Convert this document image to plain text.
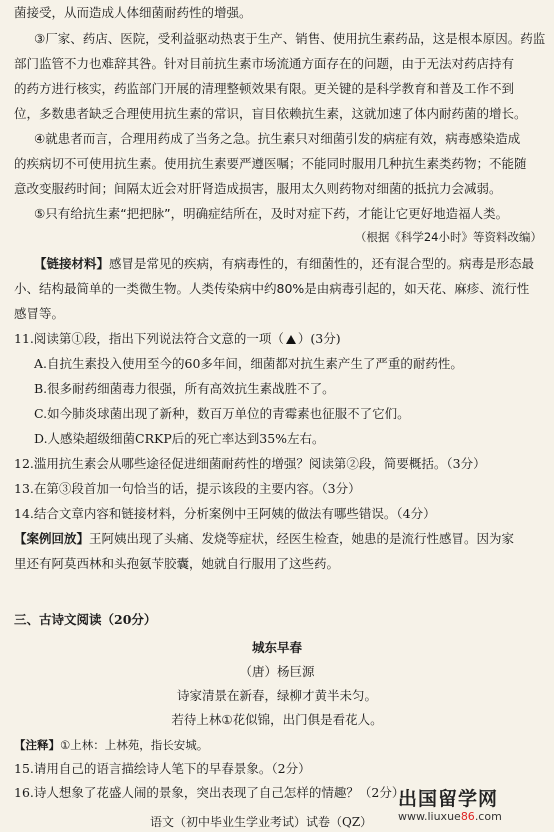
菌接受，从而造成人体细菌耐药性的增强。
③厂家、药店、医院，受利益驱动热衷于生产、销售、使用抗生素药品，这是根本原因。药监
部门监管不力也难辞其咎。针对目前抗生素市场流通方面存在的问题，由于无法对药店持有
的药方进行核实，药监部门开展的清理整顿效果有限。更关键的是科学教育和普及工作不到
位，多数患者缺乏合理使用抗生素的常识，盲目依赖抗生素，这就加速了体内耐药菌的增长。
④就患者而言，合理用药成了当务之急。抗生素只对细菌引发的病症有效，病毒感染造成
的疾病切不可使用抗生素。使用抗生素要严遵医嘱；不能同时服用几种抗生素类药物；不能随
意改变服药时间；间隔太近会对肝肾造成损害，服用太久则药物对细菌的抵抗力会减弱。
⑤只有给抗生素“把把脉”，明确症结所在，及时对症下药，才能让它更好地造福人类。
（根据《科学24小时》等资料改编）
【链接材料】感冒是常见的疾病，有病毒性的，有细菌性的，还有混合型的。病毒是形态最
小、结构最简单的一类微生物。人类传染病中约80%是由病毒引起的，如天花、麻疹、流行性
感冒等。
11.阅读第①段，指出下列说法符合文意的一项（ ）(3分)
A.自抗生素投入使用至今的60多年间，细菌都对抗生素产生了严重的耐药性。
B.很多耐药细菌毒力很强，所有高效抗生素战胜不了。
C.如今肺炎球菌出现了新种，数百万单位的青霉素也征服不了它们。
D.人感染超级细菌CRKP后的死亡率达到35%左右。
12.滥用抗生素会从哪些途径促进细菌耐药性的增强？阅读第②段，简要概括。（3分）
13.在第③段首加一句恰当的话，提示该段的主要内容。（3分）
14.结合文章内容和链接材料，分析案例中王阿姨的做法有哪些错误。（4分）
【案例回放】王阿姨出现了头痛、发烧等症状，经医生检查，她患的是流行性感冒。因为家
里还有阿莫西林和头孢氨苄胶囊，她就自行服用了这些药。
三、古诗文阅读（20分）
城东早春
（唐）杨巨源
诗家清景在新春，绿柳才黄半未匀。
若待上林①花似锦，出门俱是看花人。
【注释】①上林：上林苑，指长安城。
15.请用自己的语言描绘诗人笔下的早春景象。（2分）
16.诗人想象了花盛人闹的景象，突出表现了自己怎样的情趣？（2分）
语文（初中毕业生学业考试）试卷（QZ）
出国留学网
www.liuxue86.com
